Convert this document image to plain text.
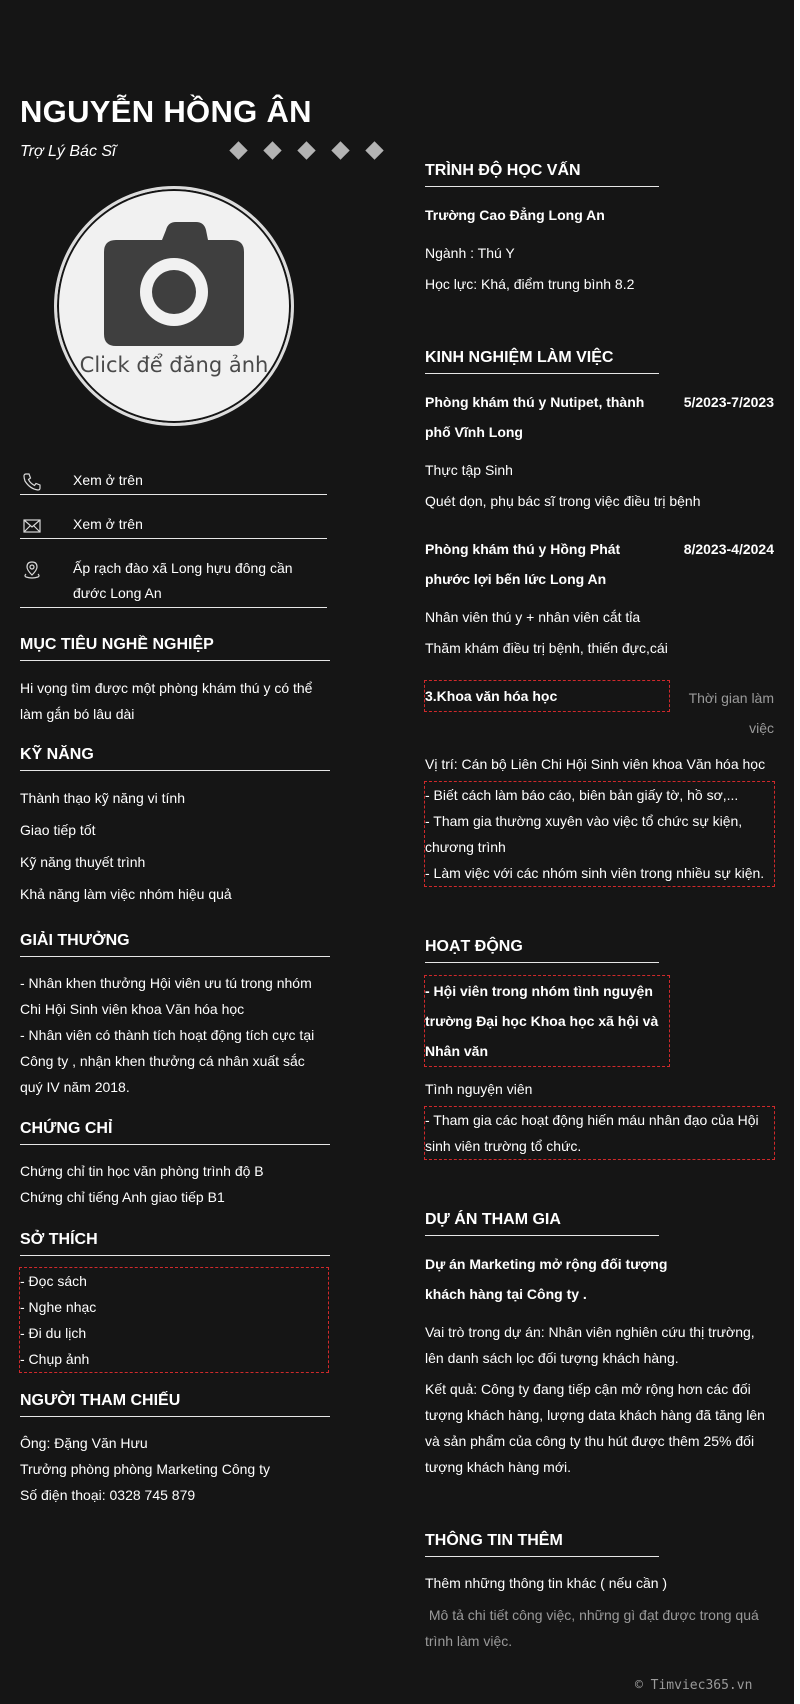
NGUYỄN HỒNG ÂN
Trợ Lý Bác Sĩ
Click để đăng ảnh
Xem ở trên
Xem ở trên
Ấp rạch đào xã Long hựu đông cần đước Long An
MỤC TIÊU NGHỀ NGHIỆP
Hi vọng tìm được một phòng khám thú y có thể làm gắn bó lâu dài
KỸ NĂNG
Thành thạo kỹ năng vi tính
Giao tiếp tốt
Kỹ năng thuyết trình
Khả năng làm việc nhóm hiệu quả
GIẢI THƯỞNG
- Nhân khen thưởng Hội viên ưu tú trong nhóm Chi Hội Sinh viên khoa Văn hóa học
- Nhân viên có thành tích hoạt động tích cực tại Công ty , nhận khen thưởng cá nhân xuất sắc quý IV năm 2018.
CHỨNG CHỈ
Chứng chỉ tin học văn phòng trình độ B
Chứng chỉ tiếng Anh giao tiếp B1
SỞ THÍCH
- Đọc sách
- Nghe nhạc
- Đi du lịch
- Chụp ảnh
NGƯỜI THAM CHIẾU
Ông: Đặng Văn Hưu
Trưởng phòng phòng Marketing Công ty
Số điện thoại: 0328 745 879
TRÌNH ĐỘ HỌC VẤN
Trường Cao Đẳng Long An
Ngành : Thú Y
Học lực: Khá, điểm trung bình 8.2
KINH NGHIỆM LÀM VIỆC
Phòng khám thú y Nutipet, thành phố Vĩnh Long
5/2023-7/2023
Thực tập Sinh
Quét dọn, phụ bác sĩ trong việc điều trị bệnh
Phòng khám thú y Hồng Phát phước lợi bến lức Long An
8/2023-4/2024
Nhân viên thú y + nhân viên cắt tỉa
Thăm khám điều trị bệnh, thiến đực,cái
3.Khoa văn hóa học	Thời gian làm việc
Vị trí: Cán bộ Liên Chi Hội Sinh viên khoa Văn hóa học
- Biết cách làm báo cáo, biên bản giấy tờ, hồ sơ,...
- Tham gia thường xuyên vào việc tổ chức sự kiện, chương trình
- Làm việc với các nhóm sinh viên trong nhiều sự kiện.
HOẠT ĐỘNG
- Hội viên trong nhóm tình nguyện trường Đại học Khoa học xã hội và Nhân văn
Tình nguyện viên
- Tham gia các hoạt động hiến máu nhân đạo của Hội sinh viên trường tổ chức.
DỰ ÁN THAM GIA
Dự án Marketing mở rộng đối tượng khách hàng tại Công ty .
Vai trò trong dự án: Nhân viên nghiên cứu thị trường, lên danh sách lọc đối tượng khách hàng.
Kết quả: Công ty đang tiếp cận mở rộng hơn các đối tượng khách hàng, lượng data khách hàng đã tăng lên và sản phẩm của công ty thu hút được thêm 25% đối tượng khách hàng mới.
THÔNG TIN THÊM
Thêm những thông tin khác ( nếu cần )
Mô tả chi tiết công việc, những gì đạt được trong quá trình làm việc.
© Timviec365.vn
